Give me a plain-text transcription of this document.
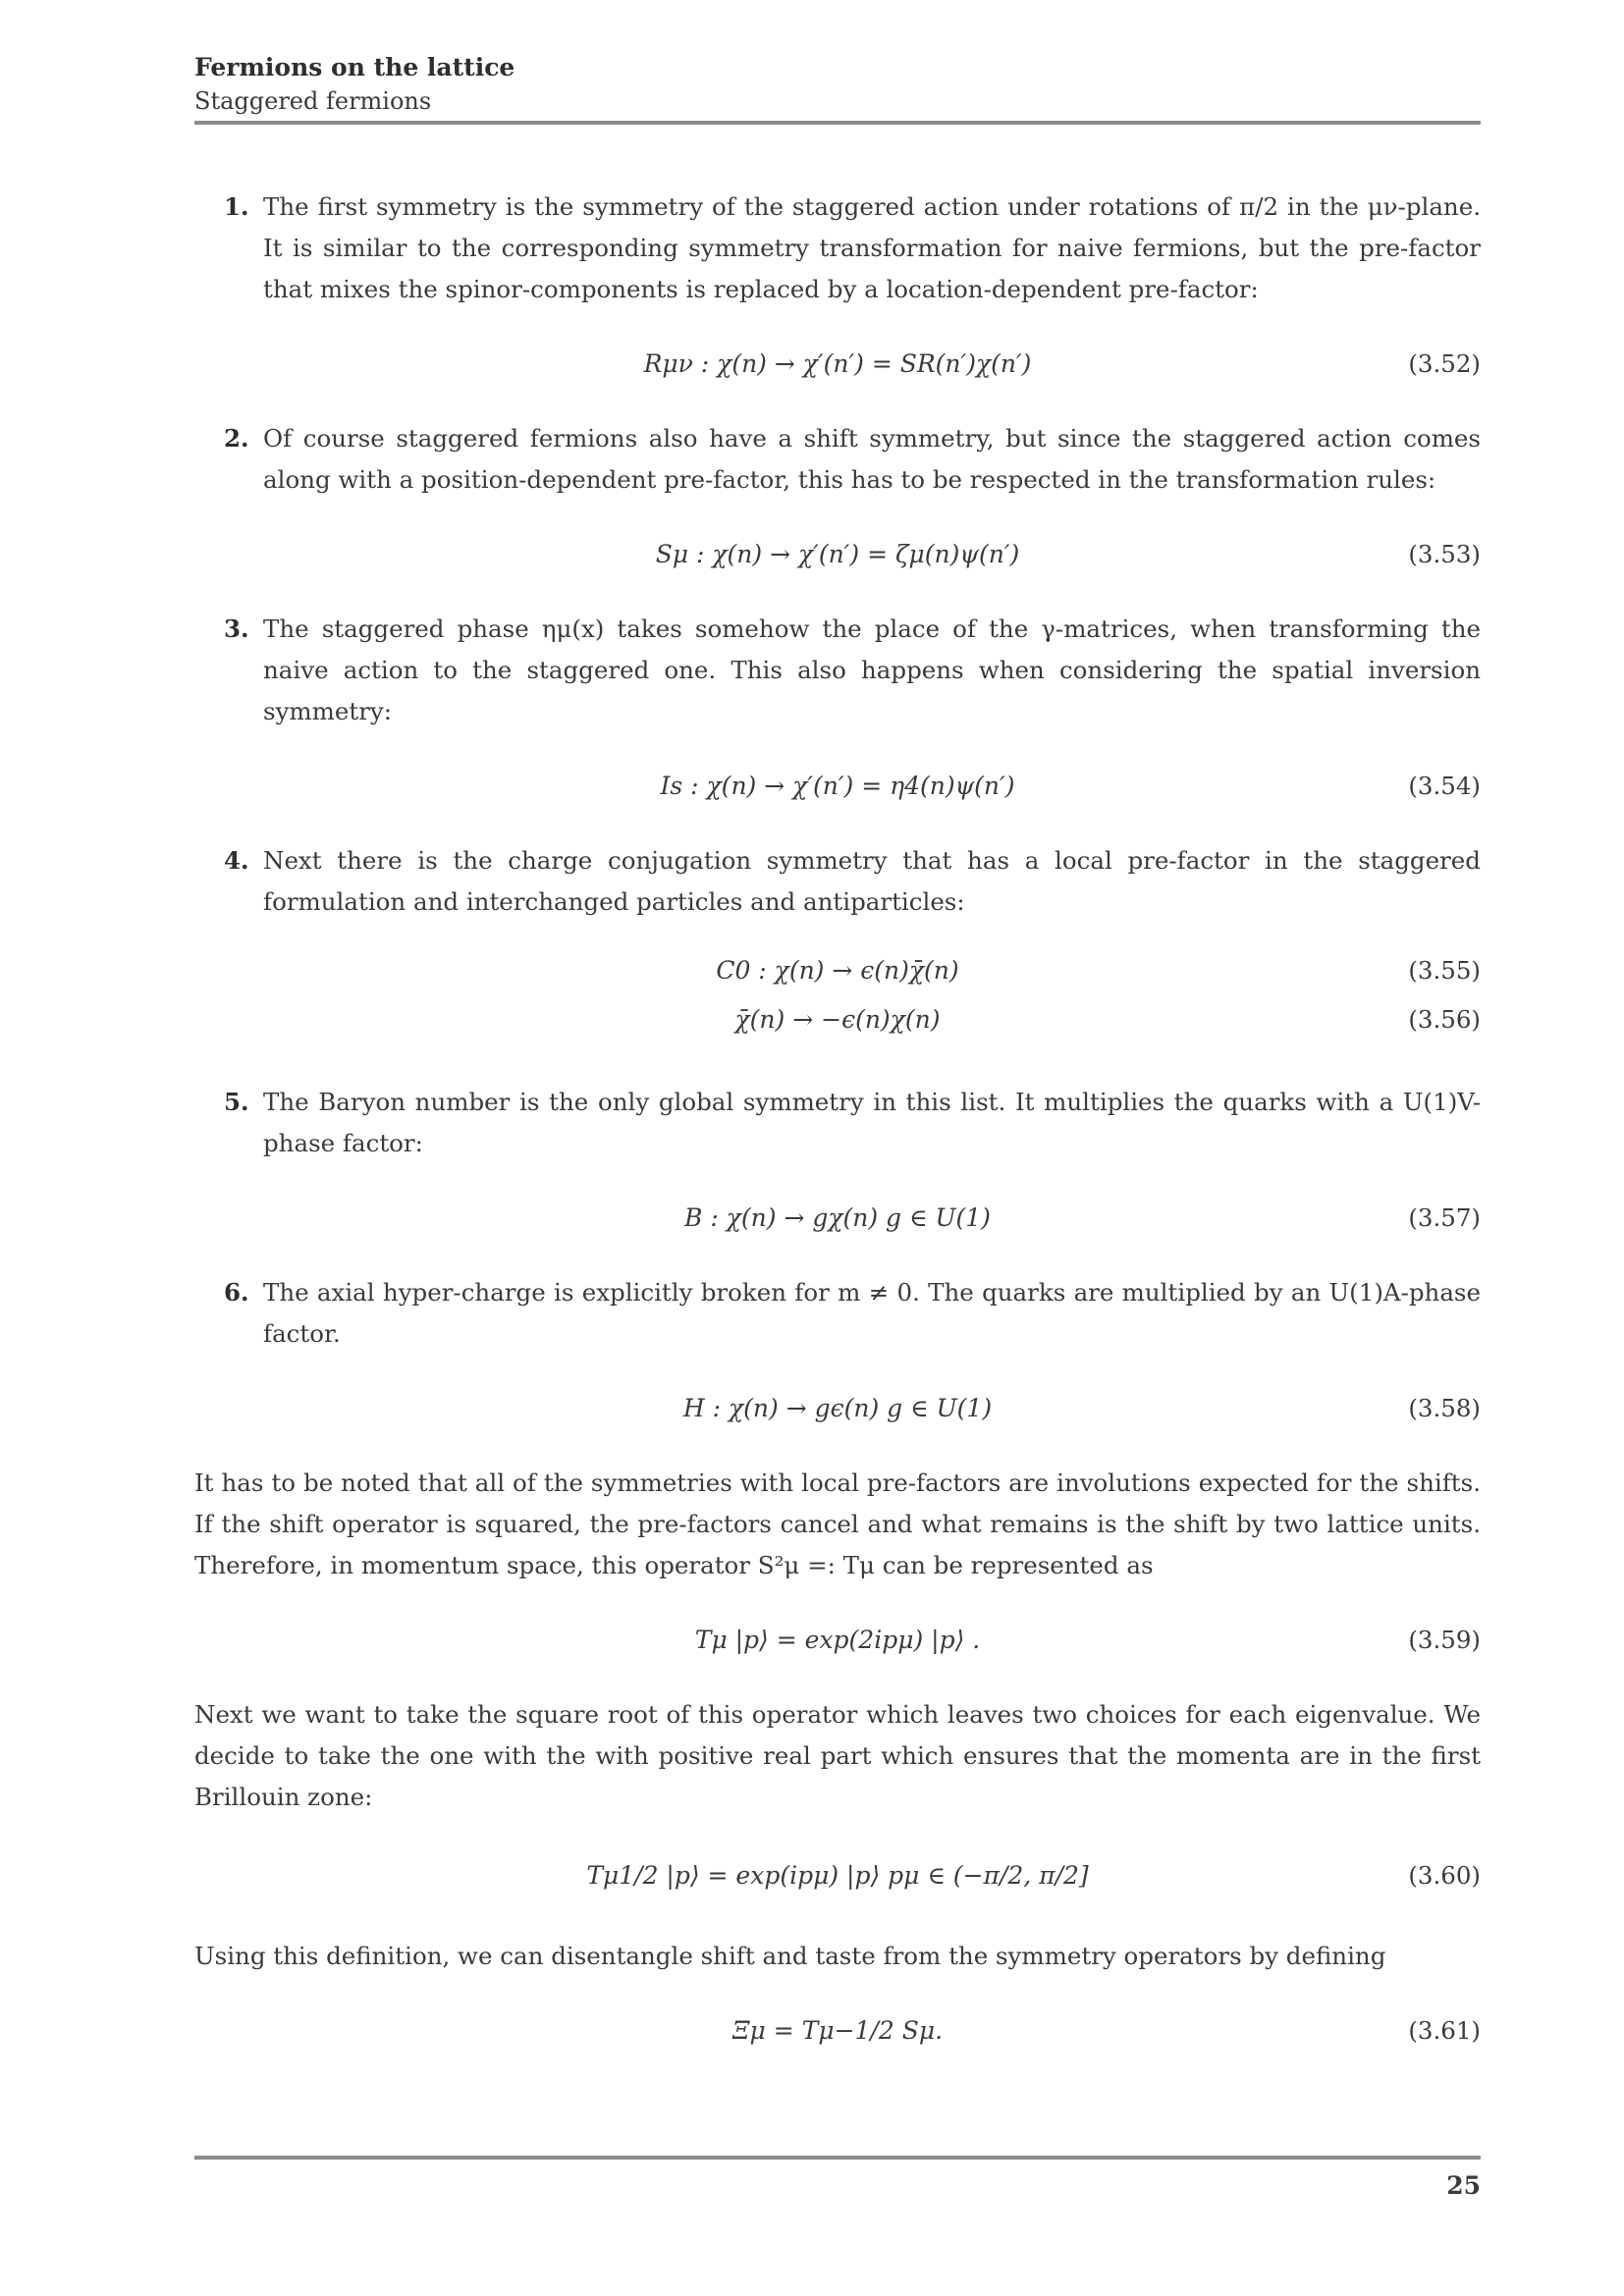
Fermions on the lattice
Staggered fermions
1. The first symmetry is the symmetry of the staggered action under rotations of π/2 in the μν-plane. It is similar to the corresponding symmetry transformation for naive fermions, but the pre-factor that mixes the spinor-components is replaced by a location-dependent pre-factor:
Rμν : χ(n) → χ′(n′) = SR(n′)χ(n′)	(3.52)
2. Of course staggered fermions also have a shift symmetry, but since the staggered action comes along with a position-dependent pre-factor, this has to be respected in the transformation rules:
Sμ : χ(n) → χ′(n′) = ζμ(n)ψ(n′)	(3.53)
3. The staggered phase ημ(x) takes somehow the place of the γ-matrices, when transforming the naive action to the staggered one. This also happens when considering the spatial inversion symmetry:
Is : χ(n) → χ′(n′) = η4(n)ψ(n′)	(3.54)
4. Next there is the charge conjugation symmetry that has a local pre-factor in the staggered formulation and interchanged particles and antiparticles:
C0 : χ(n) → ϵ(n)χ̄(n)	(3.55)
χ̄(n) → −ϵ(n)χ(n)	(3.56)
5. The Baryon number is the only global symmetry in this list. It multiplies the quarks with a U(1)V-phase factor:
B : χ(n) → gχ(n) g ∈ U(1)	(3.57)
6. The axial hyper-charge is explicitly broken for m ≠ 0. The quarks are multiplied by an U(1)A-phase factor.
H : χ(n) → gϵ(n) g ∈ U(1)	(3.58)
It has to be noted that all of the symmetries with local pre-factors are involutions expected for the shifts. If the shift operator is squared, the pre-factors cancel and what remains is the shift by two lattice units. Therefore, in momentum space, this operator S²μ =: Tμ can be represented as
Tμ |p⟩ = exp(2ipμ) |p⟩ .	(3.59)
Next we want to take the square root of this operator which leaves two choices for each eigenvalue. We decide to take the one with the with positive real part which ensures that the momenta are in the first Brillouin zone:
Tμ1/2 |p⟩ = exp(ipμ) |p⟩ pμ ∈ (−π/2, π/2]	(3.60)
Using this definition, we can disentangle shift and taste from the symmetry operators by defining
Ξμ = Tμ−1/2 Sμ.	(3.61)
25
